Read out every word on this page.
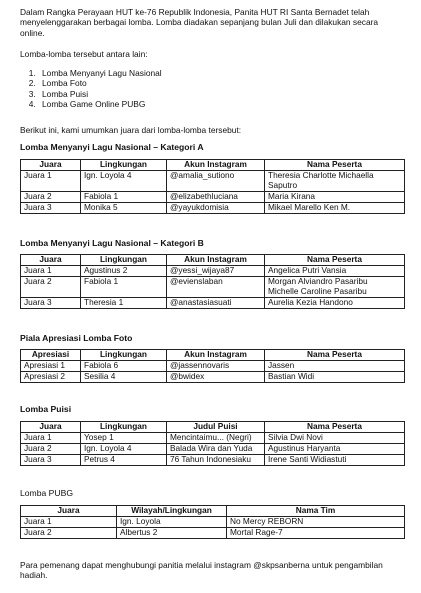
Dalam Rangka Perayaan HUT ke-76 Republik Indonesia, Panita HUT RI Santa Bernadet telah menyelenggarakan berbagai lomba. Lomba diadakan sepanjang bulan Juli dan dilakukan secara online.

Lomba-lomba tersebut antara lain:

1. Lomba Menyanyi Lagu Nasional
2. Lomba Foto
3. Lomba Puisi
4. Lomba Game Online PUBG

Berikut ini, kami umumkan juara dari lomba-lomba tersebut:

Lomba Menyanyi Lagu Nasional – Kategori A
Juara	Lingkungan	Akun Instagram	Nama Peserta
Juara 1	Ign. Loyola 4	@amalia_sutiono	Theresia Charlotte Michaella Saputro
Juara 2	Fabiola 1	@elizabethluciana	Maria Kirana
Juara 3	Monika 5	@yayukdomisia	Mikael Marello Ken M.
Lomba Menyanyi Lagu Nasional – Kategori B
Juara	Lingkungan	Akun Instagram	Nama Peserta
Juara 1	Agustinus 2	@yessi_wijaya87	Angelica Putri Vansia
Juara 2	Fabiola 1	@evienslaban	Morgan Alviandro Pasaribu
Michelle Caroline Pasaribu
Juara 3	Theresia 1	@anastasiasuati	Aurelia Kezia Handono
Piala Apresiasi Lomba Foto
Apresiasi	Lingkungan	Akun Instagram	Nama Peserta
Apresiasi 1	Fabiola 6	@jassennovaris	Jassen
Apresiasi 2	Sesilia 4	@bwidex	Bastian Widi
Lomba Puisi
Juara	Lingkungan	Judul Puisi	Nama Peserta
Juara 1	Yosep 1	Mencintaimu... (Negri)	Silvia Dwi Novi
Juara 2	Ign. Loyola 4	Balada Wira dan Yuda	Agustinus Haryanta
Juara 3	Petrus 4	76 Tahun Indonesiaku	Irene Santi Widiastuti
Lomba PUBG
Juara	Wilayah/Lingkungan	Nama Tim
Juara 1	Ign. Loyola	No Mercy REBORN
Juara 2	Albertus 2	Mortal Rage-7

Para pemenang dapat menghubungi panitia melalui instagram @skpsanberna untuk pengambilan hadiah.
